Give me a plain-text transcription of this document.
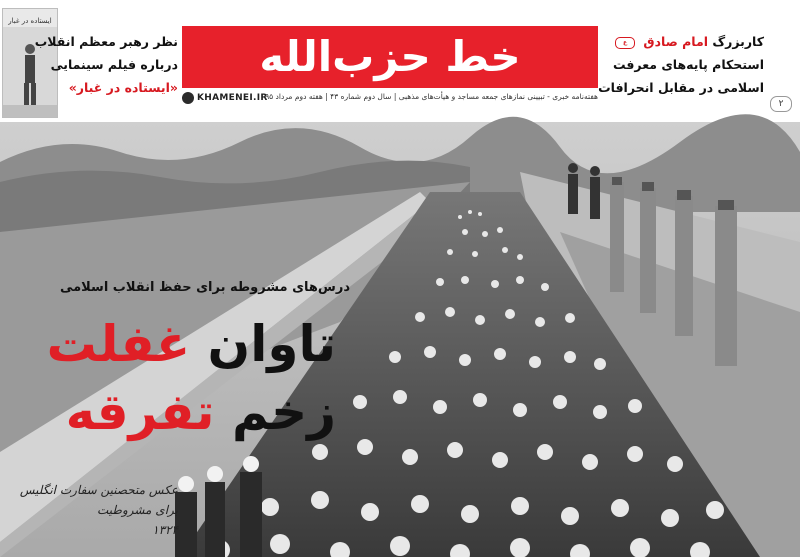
ایستاده در غبار
نظر رهبر معظم انقلاب
درباره فیلم سینمایی
«ایستاده در غبار»
خط حزب‌الله
KHAMENEI.IR
هفته‌نامه خبری - تبیینی نمازهای جمعه مساجد و هیأت‌های مذهبی | سال دوم شماره ۴۳ | هفته دوم مرداد ۹۵
کاربزرگ امام صادق ع
استحکام پایه‌های معرفت
اسلامی در مقابل انحرافات
۲
درس‌های مشروطه برای حفظ انقلاب اسلامی
تاوان غفلت
زخم تفرقه
عکس متحصنین سفارت انگلیس
برای مشروطیت
۱۳۲۴
